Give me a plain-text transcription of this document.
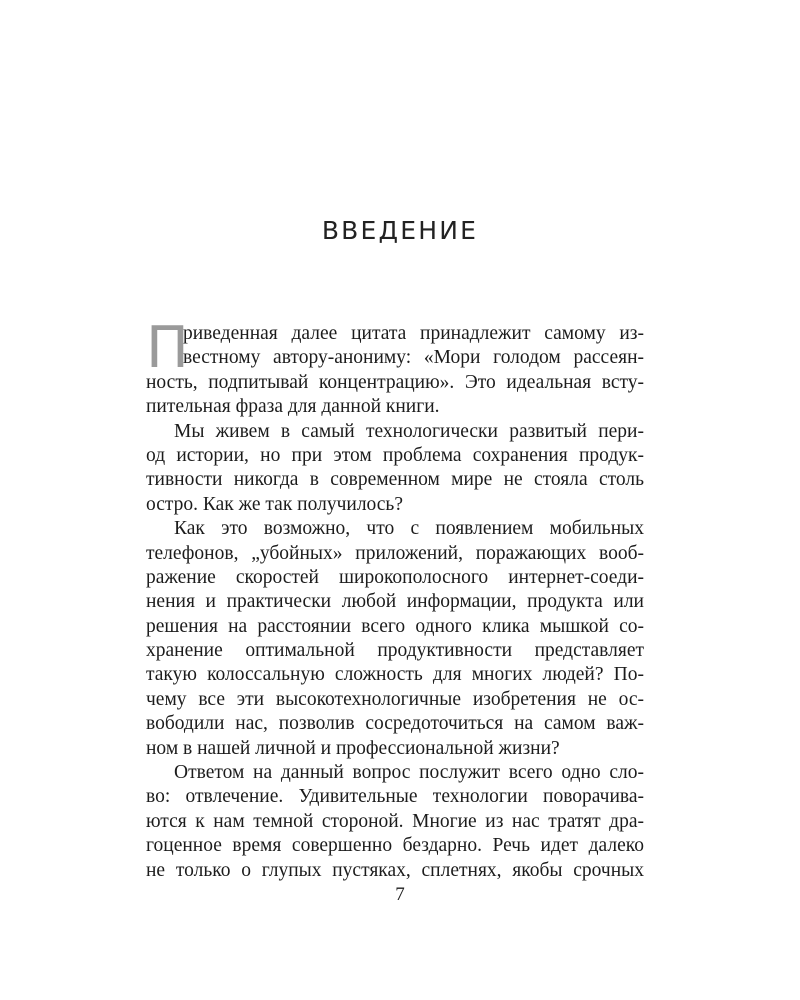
ВВЕДЕНИЕ
П
риведенная далее цитата принадлежит самому из-
вестному автору-анониму: «Мори голодом рассеян-
ность, подпитывай концентрацию». Это идеальная всту-
пительная фраза для данной книги.
Мы живем в самый технологически развитый пери-
од истории, но при этом проблема сохранения продук-
тивности никогда в современном мире не стояла столь
остро. Как же так получилось?
Как это возможно, что с появлением мобильных
телефонов, „убойных» приложений, поражающих вооб-
ражение скоростей широкополосного интернет-соеди-
нения и практически любой информации, продукта или
решения на расстоянии всего одного клика мышкой со-
хранение оптимальной продуктивности представляет
такую колоссальную сложность для многих людей? По-
чему все эти высокотехнологичные изобретения не ос-
вободили нас, позволив сосредоточиться на самом важ-
ном в нашей личной и профессиональной жизни?
Ответом на данный вопрос послужит всего одно сло-
во: отвлечение. Удивительные технологии поворачива-
ются к нам темной стороной. Многие из нас тратят дра-
гоценное время совершенно бездарно. Речь идет далеко
не только о глупых пустяках, сплетнях, якобы срочных
7
